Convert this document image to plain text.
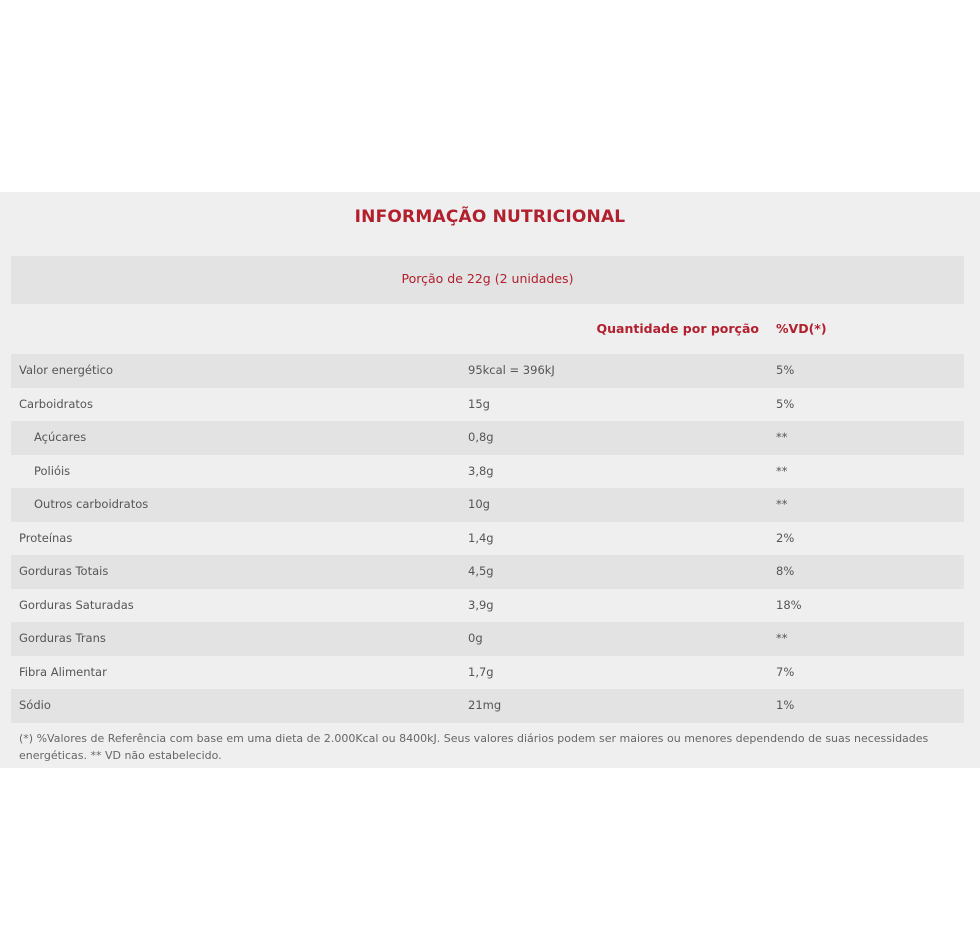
INFORMAÇÃO NUTRICIONAL
Porção de 22g (2 unidades)
Quantidade por porção %VD(*)
Valor energético	95kcal = 396kJ	5%
Carboidratos	15g	5%
Açúcares	0,8g	**
Polióis	3,8g	**
Outros carboidratos	10g	**
Proteínas	1,4g	2%
Gorduras Totais	4,5g	8%
Gorduras Saturadas	3,9g	18%
Gorduras Trans	0g	**
Fibra Alimentar	1,7g	7%
Sódio	21mg	1%
(*) %Valores de Referência com base em uma dieta de 2.000Kcal ou 8400kJ. Seus valores diários podem ser maiores ou menores dependendo de suas necessidades energéticas. ** VD não estabelecido.
